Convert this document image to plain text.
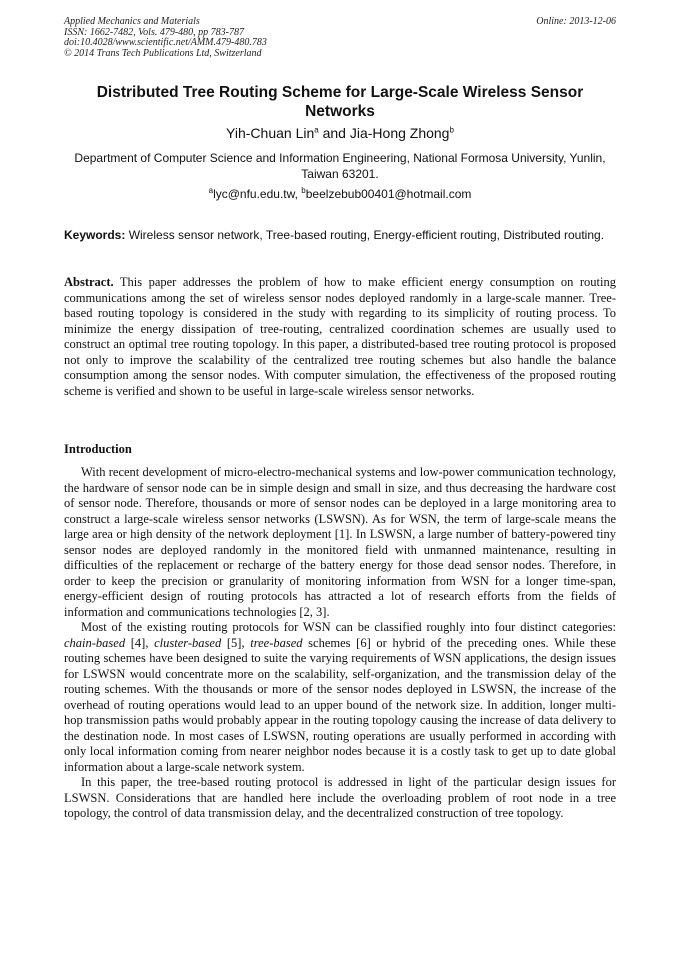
Applied Mechanics and Materials
ISSN: 1662-7482, Vols. 479-480, pp 783-787
doi:10.4028/www.scientific.net/AMM.479-480.783
© 2014 Trans Tech Publications Ltd, Switzerland
Online: 2013-12-06
Distributed Tree Routing Scheme for Large-Scale Wireless Sensor Networks
Yih-Chuan Lin$^a$ and Jia-Hong Zhong$^b$
Department of Computer Science and Information Engineering, National Formosa University, Yunlin, Taiwan 63201.
$^a$lyc@nfu.edu.tw, $^b$beelzebub00401@hotmail.com
Keywords: Wireless sensor network, Tree-based routing, Energy-efficient routing, Distributed routing.

Abstract. This paper addresses the problem of how to make efficient energy consumption on routing communications among the set of wireless sensor nodes deployed randomly in a large-scale manner. Tree-based routing topology is considered in the study with regarding to its simplicity of routing process. To minimize the energy dissipation of tree-routing, centralized coordination schemes are usually used to construct an optimal tree routing topology. In this paper, a distributed-based tree routing protocol is proposed not only to improve the scalability of the centralized tree routing schemes but also handle the balance consumption among the sensor nodes. With computer simulation, the effectiveness of the proposed routing scheme is verified and shown to be useful in large-scale wireless sensor networks.

Introduction

With recent development of micro-electro-mechanical systems and low-power communication technology, the hardware of sensor node can be in simple design and small in size, and thus decreasing the hardware cost of sensor node. Therefore, thousands or more of sensor nodes can be deployed in a large monitoring area to construct a large-scale wireless sensor networks (LSWSN). As for WSN, the term of large-scale means the large area or high density of the network deployment [1]. In LSWSN, a large number of battery-powered tiny sensor nodes are deployed randomly in the monitored field with unmanned maintenance, resulting in difficulties of the replacement or recharge of the battery energy for those dead sensor nodes. Therefore, in order to keep the precision or granularity of monitoring information from WSN for a longer time-span, energy-efficient design of routing protocols has attracted a lot of research efforts from the fields of information and communications technologies [2, 3].

Most of the existing routing protocols for WSN can be classified roughly into four distinct categories: chain-based [4], cluster-based [5], tree-based schemes [6] or hybrid of the preceding ones. While these routing schemes have been designed to suite the varying requirements of WSN applications, the design issues for LSWSN would concentrate more on the scalability, self-organization, and the transmission delay of the routing schemes. With the thousands or more of the sensor nodes deployed in LSWSN, the increase of the overhead of routing operations would lead to an upper bound of the network size. In addition, longer multi-hop transmission paths would probably appear in the routing topology causing the increase of data delivery to the destination node. In most cases of LSWSN, routing operations are usually performed in according with only local information coming from nearer neighbor nodes because it is a costly task to get up to date global information about a large-scale network system.

In this paper, the tree-based routing protocol is addressed in light of the particular design issues for LSWSN. Considerations that are handled here include the overloading problem of root node in a tree topology, the control of data transmission delay, and the decentralized construction of tree topology.
